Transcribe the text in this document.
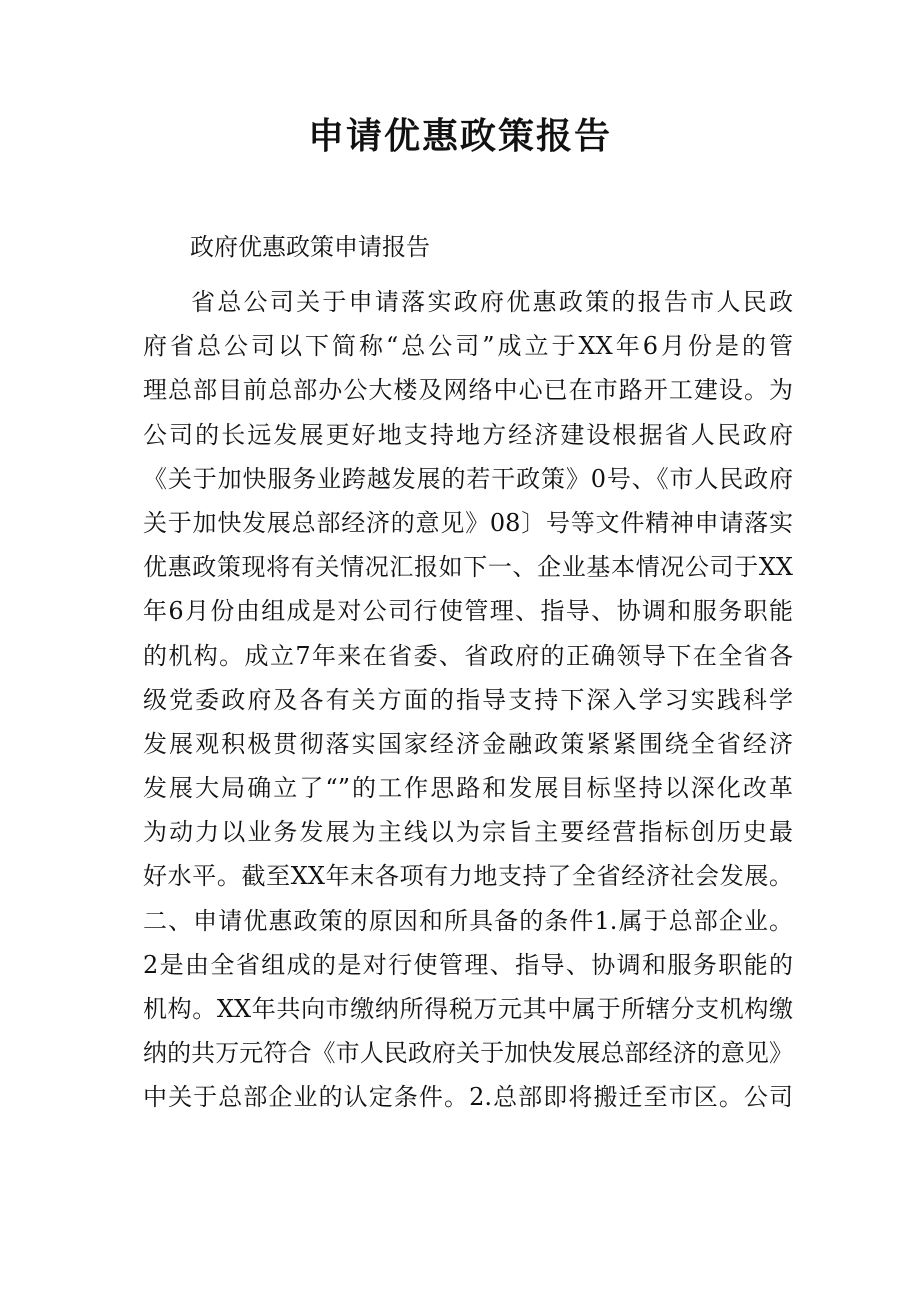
申请优惠政策报告

政府优惠政策申请报告

省总公司关于申请落实政府优惠政策的报告市人民政
府省总公司以下简称“总公司”成立于XX年6月份是的管
理总部目前总部办公大楼及网络中心已在市路开工建设。为
公司的长远发展更好地支持地方经济建设根据省人民政府
《关于加快服务业跨越发展的若干政策》0号、《市人民政府
关于加快发展总部经济的意见》08〕号等文件精神申请落实
优惠政策现将有关情况汇报如下一、企业基本情况公司于XX
年6月份由组成是对公司行使管理、指导、协调和服务职能
的机构。成立7年来在省委、省政府的正确领导下在全省各
级党委政府及各有关方面的指导支持下深入学习实践科学
发展观积极贯彻落实国家经济金融政策紧紧围绕全省经济
发展大局确立了“”的工作思路和发展目标坚持以深化改革
为动力以业务发展为主线以为宗旨主要经营指标创历史最
好水平。截至XX年末各项有力地支持了全省经济社会发展。
二、申请优惠政策的原因和所具备的条件1.属于总部企业。
2是由全省组成的是对行使管理、指导、协调和服务职能的
机构。XX年共向市缴纳所得税万元其中属于所辖分支机构缴
纳的共万元符合《市人民政府关于加快发展总部经济的意见》
中关于总部企业的认定条件。2.总部即将搬迁至市区。公司
